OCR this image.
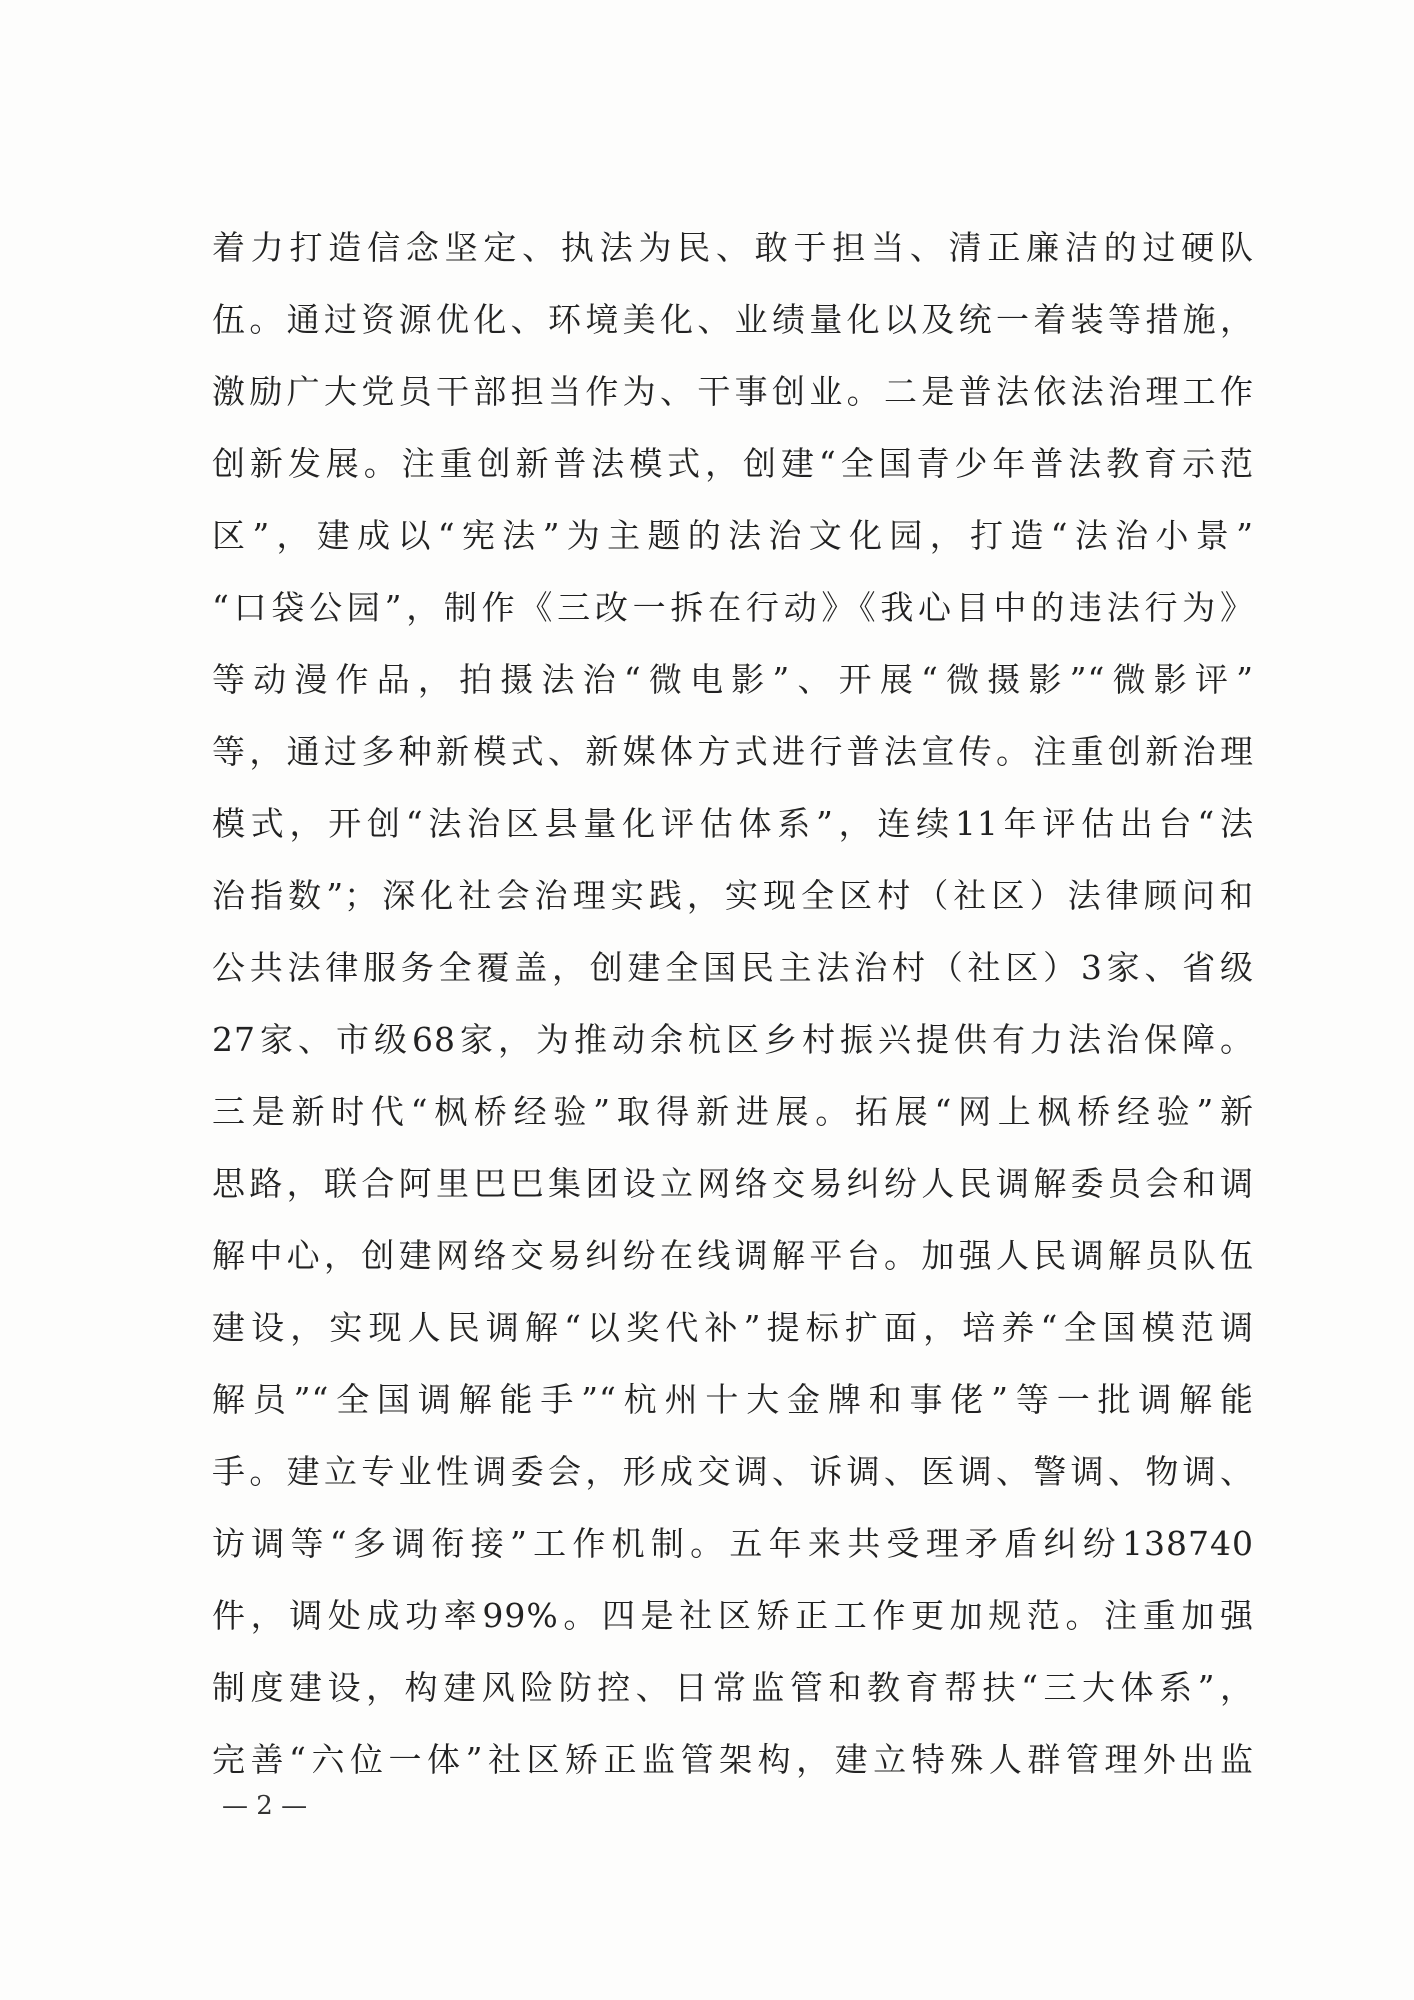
着力打造信念坚定、执法为民、敢于担当、清正廉洁的过硬队
伍。通过资源优化、环境美化、业绩量化以及统一着装等措施，
激励广大党员干部担当作为、干事创业。二是普法依法治理工作
创新发展。注重创新普法模式，创建“全国青少年普法教育示范
区”，建成以“宪法”为主题的法治文化园，打造“法治小景”
“口袋公园”，制作《三改一拆在行动》《我心目中的违法行为》
等动漫作品，拍摄法治“微电影”、开展“微摄影”“微影评”
等，通过多种新模式、新媒体方式进行普法宣传。注重创新治理
模式，开创“法治区县量化评估体系”，连续11年评估出台“法
治指数”；深化社会治理实践，实现全区村（社区）法律顾问和
公共法律服务全覆盖，创建全国民主法治村（社区）3家、省级
27家、市级68家，为推动余杭区乡村振兴提供有力法治保障。
三是新时代“枫桥经验”取得新进展。拓展“网上枫桥经验”新
思路，联合阿里巴巴集团设立网络交易纠纷人民调解委员会和调
解中心，创建网络交易纠纷在线调解平台。加强人民调解员队伍
建设，实现人民调解“以奖代补”提标扩面，培养“全国模范调
解员”“全国调解能手”“杭州十大金牌和事佬”等一批调解能
手。建立专业性调委会，形成交调、诉调、医调、警调、物调、
访调等“多调衔接”工作机制。五年来共受理矛盾纠纷138740
件，调处成功率99%。四是社区矫正工作更加规范。注重加强
制度建设，构建风险防控、日常监管和教育帮扶“三大体系”，
完善“六位一体”社区矫正监管架构，建立特殊人群管理外出监
— 2 —
